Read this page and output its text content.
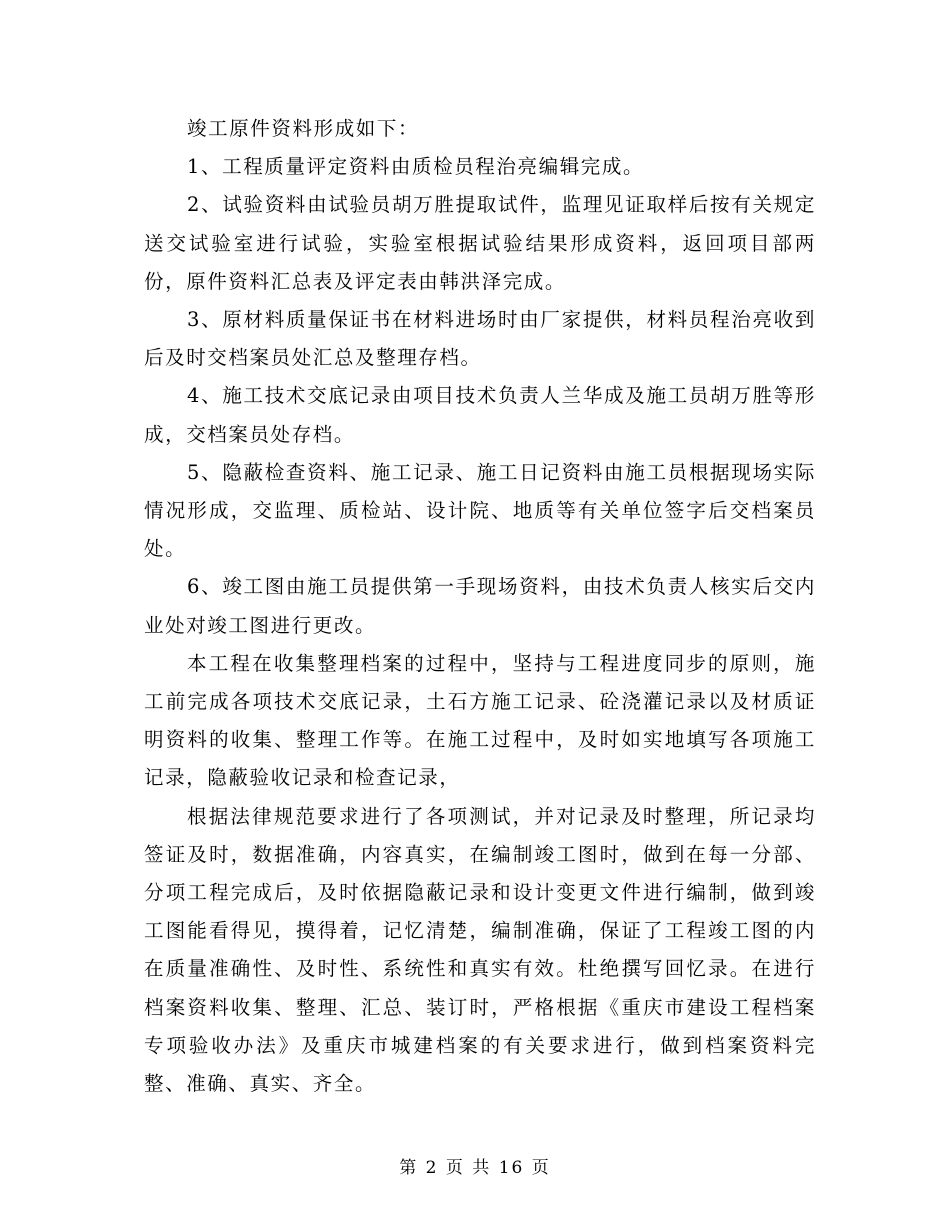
竣工原件资料形成如下：

1、工程质量评定资料由质检员程治亮编辑完成。

2、试验资料由试验员胡万胜提取试件，监理见证取样后按有关规定送交试验室进行试验，实验室根据试验结果形成资料，返回项目部两份，原件资料汇总表及评定表由韩洪泽完成。

3、原材料质量保证书在材料进场时由厂家提供，材料员程治亮收到后及时交档案员处汇总及整理存档。

4、施工技术交底记录由项目技术负责人兰华成及施工员胡万胜等形成，交档案员处存档。

5、隐蔽检查资料、施工记录、施工日记资料由施工员根据现场实际情况形成，交监理、质检站、设计院、地质等有关单位签字后交档案员处。

6、竣工图由施工员提供第一手现场资料，由技术负责人核实后交内业处对竣工图进行更改。

本工程在收集整理档案的过程中，坚持与工程进度同步的原则，施工前完成各项技术交底记录，土石方施工记录、砼浇灌记录以及材质证明资料的收集、整理工作等。在施工过程中，及时如实地填写各项施工记录，隐蔽验收记录和检查记录，

根据法律规范要求进行了各项测试，并对记录及时整理，所记录均签证及时，数据准确，内容真实，在编制竣工图时，做到在每一分部、分项工程完成后，及时依据隐蔽记录和设计变更文件进行编制，做到竣工图能看得见，摸得着，记忆清楚，编制准确，保证了工程竣工图的内在质量准确性、及时性、系统性和真实有效。杜绝撰写回忆录。在进行档案资料收集、整理、汇总、装订时，严格根据《重庆市建设工程档案专项验收办法》及重庆市城建档案的有关要求进行，做到档案资料完整、准确、真实、齐全。

第 2 页 共 16 页
